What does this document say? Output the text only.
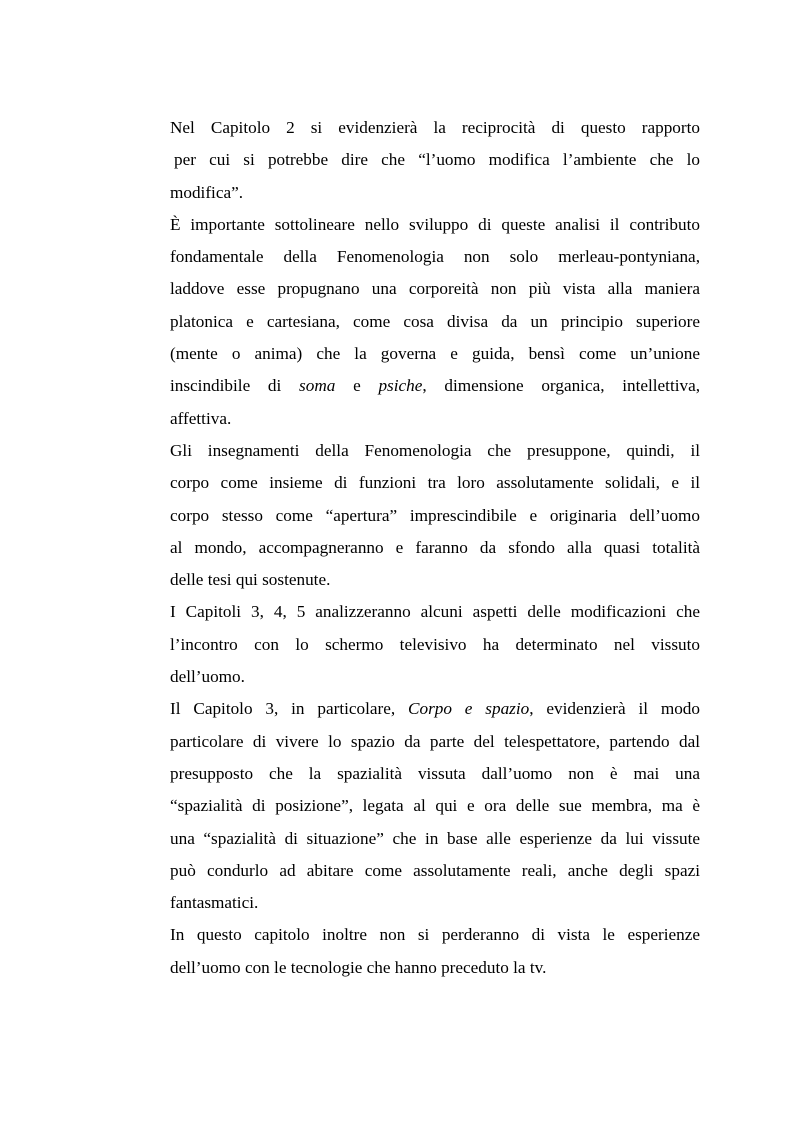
Nel Capitolo 2 si evidenzierà la reciprocità di questo rapporto
per cui si potrebbe dire che “l’uomo modifica l’ambiente che lo
modifica”.
È importante sottolineare nello sviluppo di queste analisi il contributo
fondamentale della Fenomenologia non solo merleau-pontyniana,
laddove esse propugnano una corporeità non più vista alla maniera
platonica e cartesiana, come cosa divisa da un principio superiore
(mente o anima) che la governa e guida, bensì come un’unione
inscindibile di soma e psiche, dimensione organica, intellettiva,
affettiva.
Gli insegnamenti della Fenomenologia che presuppone, quindi, il
corpo come insieme di funzioni tra loro assolutamente solidali, e il
corpo stesso come “apertura” imprescindibile e originaria dell’uomo
al mondo, accompagneranno e faranno da sfondo alla quasi totalità
delle tesi qui sostenute.
I Capitoli 3, 4, 5 analizzeranno alcuni aspetti delle modificazioni che
l’incontro con lo schermo televisivo ha determinato nel vissuto
dell’uomo.
Il Capitolo 3, in particolare, Corpo e spazio, evidenzierà il modo
particolare di vivere lo spazio da parte del telespettatore, partendo dal
presupposto che la spazialità vissuta dall’uomo non è mai una
“spazialità di posizione”, legata al qui e ora delle sue membra, ma è
una “spazialità di situazione” che in base alle esperienze da lui vissute
può condurlo ad abitare come assolutamente reali, anche degli spazi
fantasmatici.
In questo capitolo inoltre non si perderanno di vista le esperienze
dell’uomo con le tecnologie che hanno preceduto la tv.
